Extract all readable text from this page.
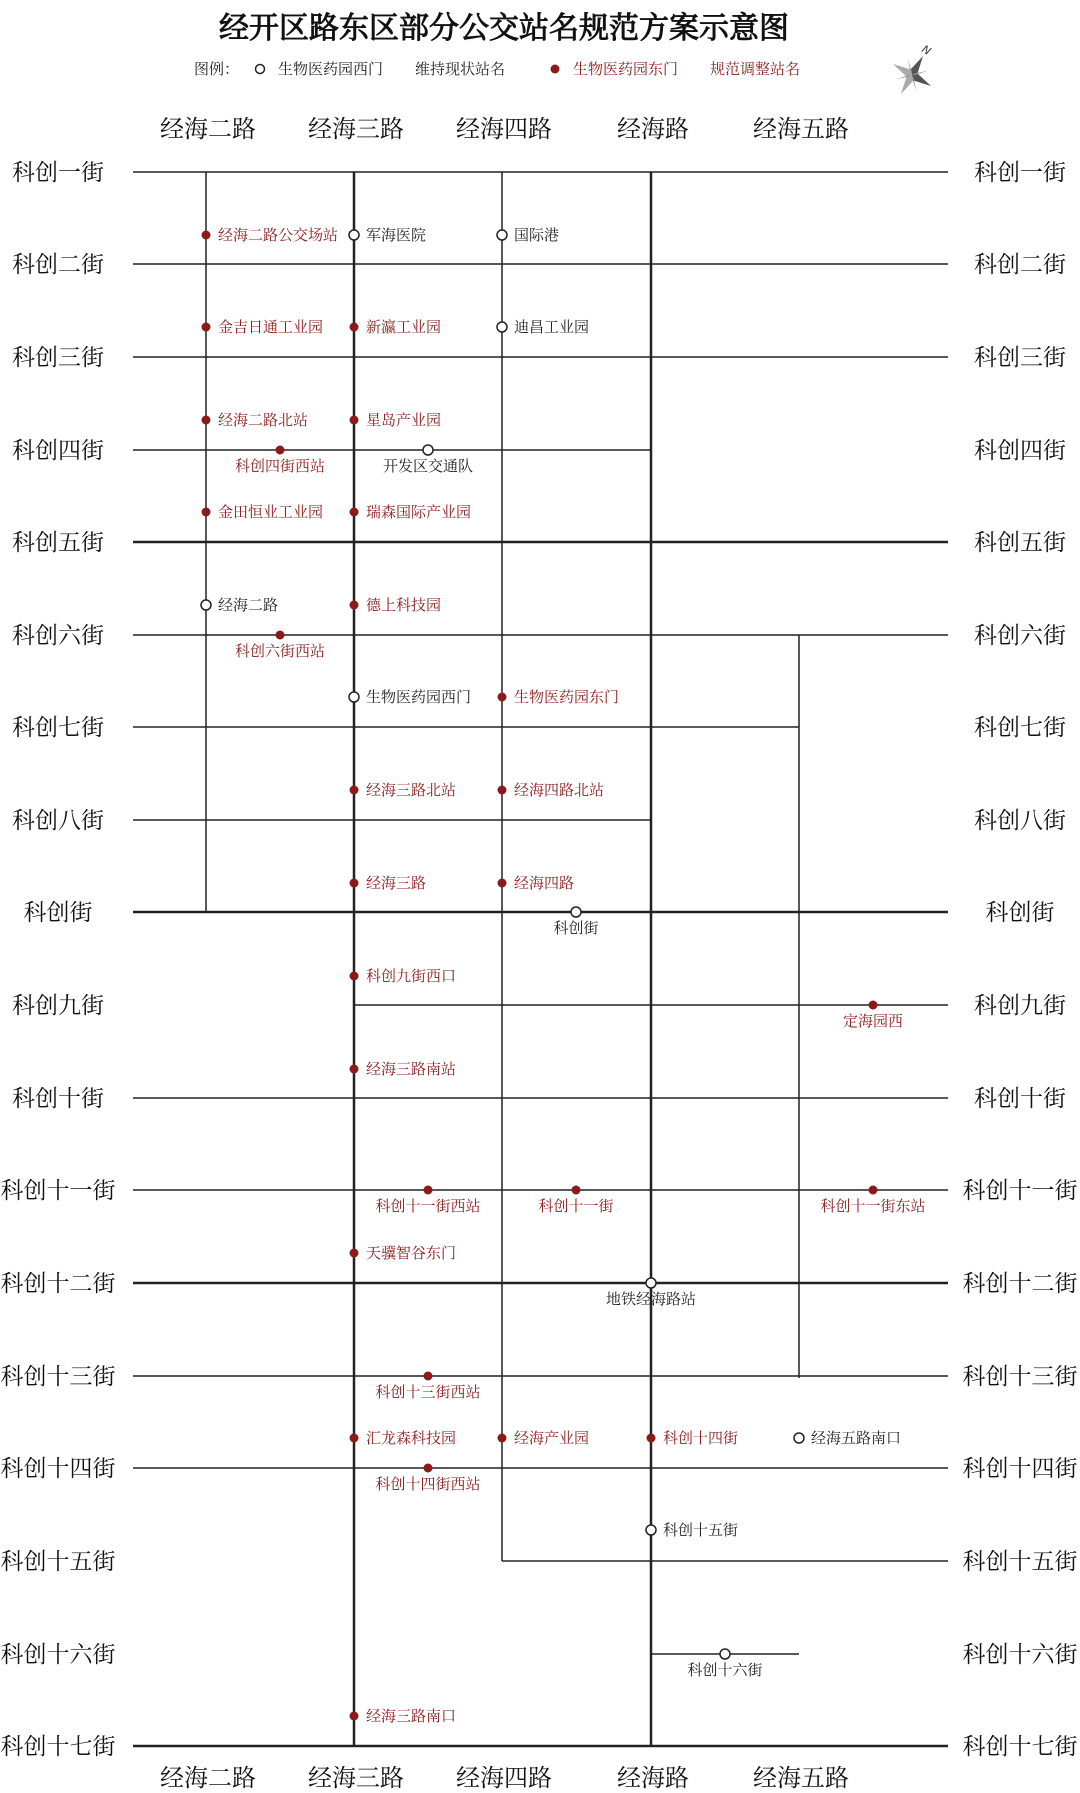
经开区路东区部分公交站名规范方案示意图
图例：	生物医药园西门 维持现状站名	生物医药园东门 规范调整站名
N
经海二路
经海二路
经海三路
经海三路
经海四路
经海四路
经海路
经海路
经海五路
经海五路
科创一街	科创一街
科创二街	科创二街
科创三街	科创三街
科创四街	科创四街
科创五街	科创五街
科创六街	科创六街
科创七街	科创七街
科创八街	科创八街
科创街	科创街
科创九街	科创九街
科创十街	科创十街
科创十一街	科创十一街
科创十二街	科创十二街
科创十三街	科创十三街
科创十四街	科创十四街
科创十五街	科创十五街
科创十六街	科创十六街
科创十七街	科创十七街
经海二路公交场站 军海医院	国际港
金吉日通工业园	新瀛工业园	迪昌工业园
经海二路北站	星岛产业园
科创四街西站	开发区交通队
金田恒业工业园	瑞森国际产业园
经海二路	德上科技园
科创六街西站
生物医药园西门	生物医药园东门
经海三路北站	经海四路北站
经海三路	经海四路
科创街
科创九街西口
定海园西
经海三路南站
科创十一街西站	科创十一街	科创十一街东站
天骥智谷东门
地铁经海路站
科创十三街西站
汇龙森科技园	经海产业园	科创十四街	经海五路南口
科创十四街西站
科创十五街
科创十六街
经海三路南口
